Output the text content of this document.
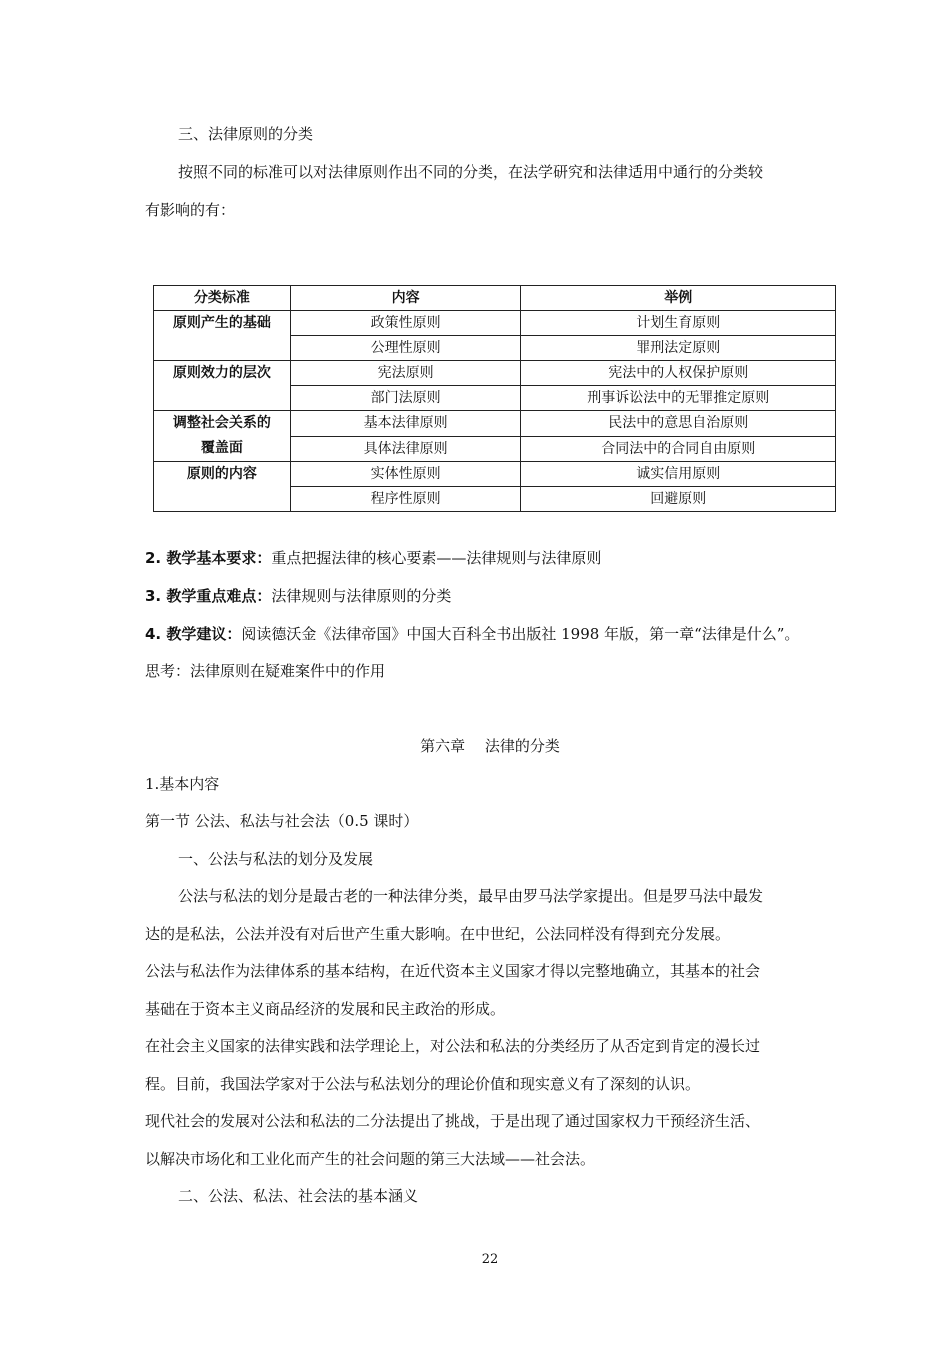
三、法律原则的分类
按照不同的标准可以对法律原则作出不同的分类，在法学研究和法律适用中通行的分类较
有影响的有：
分类标准	内容	举例
原则产生的基础	政策性原则	计划生育原则
	公理性原则	罪刑法定原则
原则效力的层次	宪法原则	宪法中的人权保护原则
	部门法原则	刑事诉讼法中的无罪推定原则

调整社会关系的
覆盖面	基本法律原则	民法中的意思自治原则
	具体法律原则	合同法中的合同自由原则
原则的内容	实体性原则	诚实信用原则
	程序性原则	回避原则
2. 教学基本要求：重点把握法律的核心要素——法律规则与法律原则
3. 教学重点难点：法律规则与法律原则的分类
4. 教学建议：阅读德沃金《法律帝国》中国大百科全书出版社 1998 年版，第一章“法律是什么”。
思考：法律原则在疑难案件中的作用
第六章　 法律的分类
1.基本内容
第一节 公法、私法与社会法（0.5 课时）
一、公法与私法的划分及发展
公法与私法的划分是最古老的一种法律分类，最早由罗马法学家提出。但是罗马法中最发
达的是私法，公法并没有对后世产生重大影响。在中世纪，公法同样没有得到充分发展。
公法与私法作为法律体系的基本结构，在近代资本主义国家才得以完整地确立，其基本的社会
基础在于资本主义商品经济的发展和民主政治的形成。
在社会主义国家的法律实践和法学理论上，对公法和私法的分类经历了从否定到肯定的漫长过
程。目前，我国法学家对于公法与私法划分的理论价值和现实意义有了深刻的认识。
现代社会的发展对公法和私法的二分法提出了挑战，于是出现了通过国家权力干预经济生活、
以解决市场化和工业化而产生的社会问题的第三大法域——社会法。
二、公法、私法、社会法的基本涵义
22
